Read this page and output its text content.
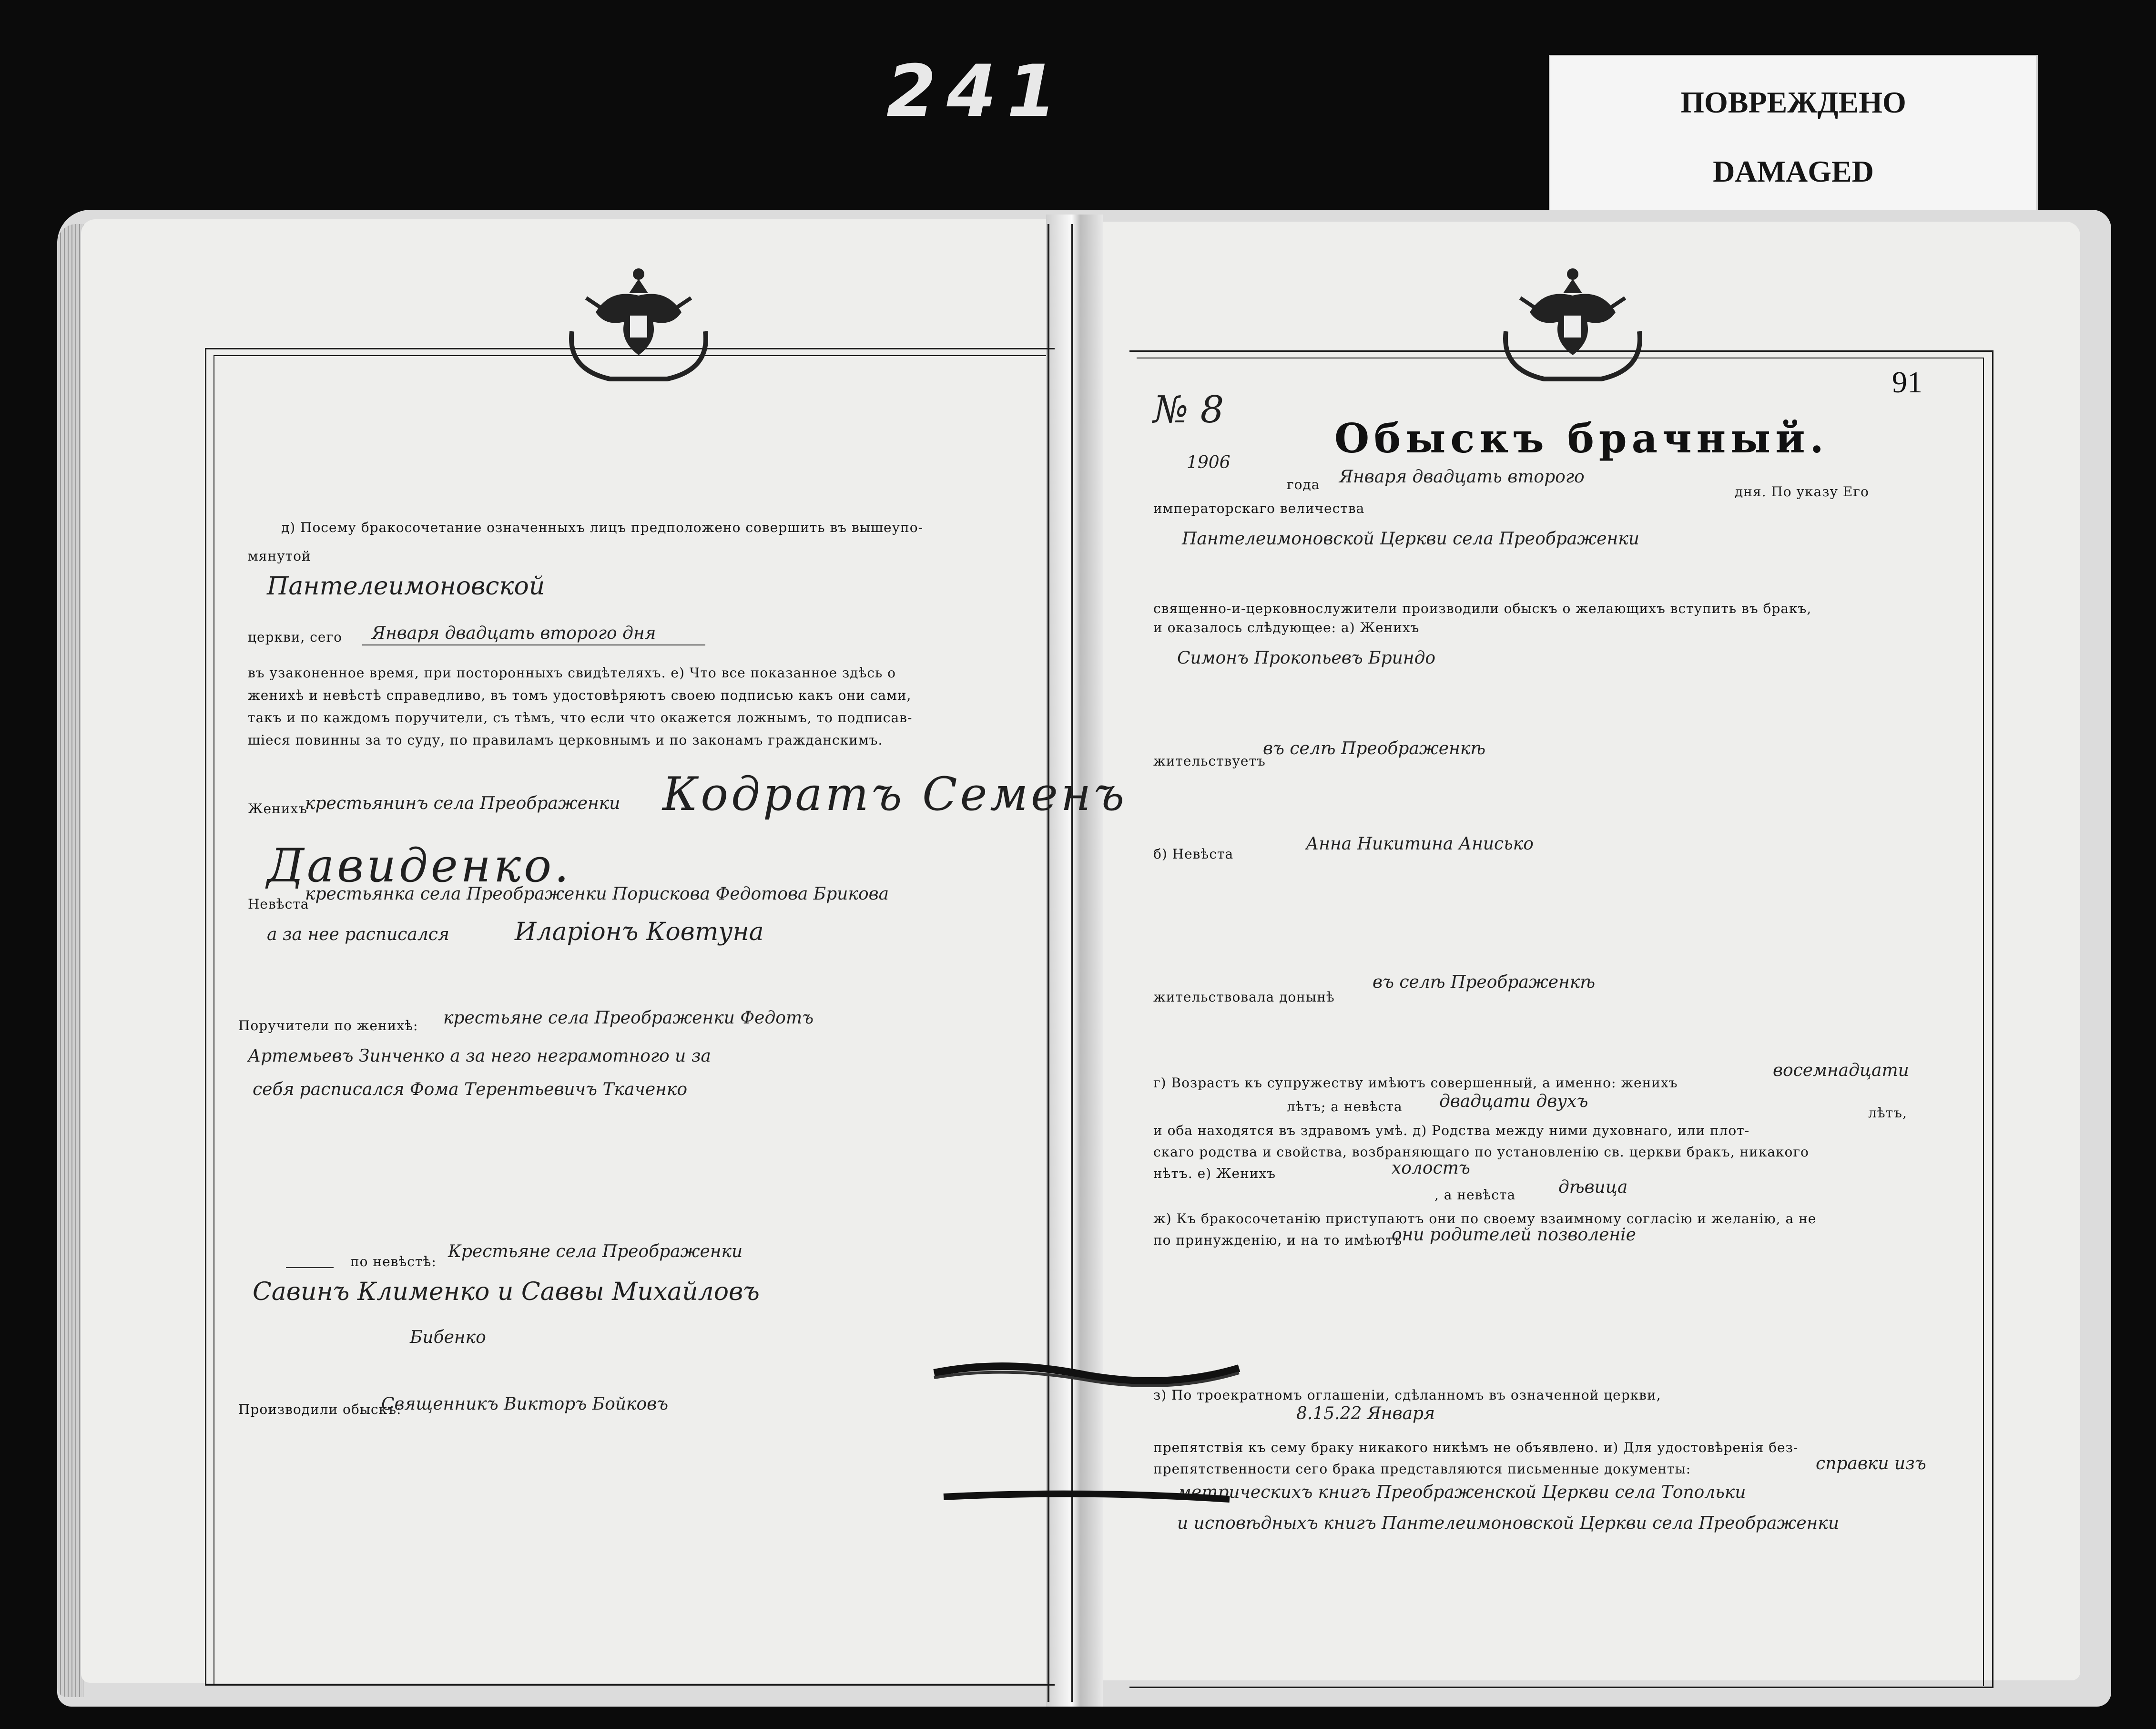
241	ПОВРЕЖДЕНО
DAMAGED
д) Посему бракосочетание означенныхъ лицъ предположено совершить въ вышеупо-
мянутой
Пантелеимоновской
церкви, сего Января двадцать второго дня
въ узаконенное время, при посторонныхъ свидѣтеляхъ. е) Что все показанное здѣсь о
женихѣ и невѣстѣ справедливо, въ томъ удостовѣряютъ своею подписью какъ они сами,
такъ и по каждомъ поручители, съ тѣмъ, что если что окажется ложнымъ, то подписав-
шiеся повинны за то суду, по правиламъ церковнымъ и по законамъ гражданскимъ.
Женихъ
крестьянинъ села Преображенки Кодратъ Семенъ
Давиденко.
Невѣста
крестьянка села Преображенки Порискова Федотова Брикова
а за нее расписался	Иларiонъ Ковтуна
Поручители по женихѣ: крестьяне села Преображенки Федотъ
Артемьевъ Зинченко а за него неграмотного и за
себя расписался Фома Терентьевичъ Ткаченко
по невѣстѣ:
Крестьяне села Преображенки
Савинъ Клименко и Саввы Михайловъ
Бибенко
Производили обыскъ:
Священникъ Викторъ Бойковъ
91
№ 8
Обыскъ брачный.
1906
года Января двадцать второго
дня. По указу Его
императорскаго величества
Пантелеимоновской Церкви села Преображенки
священно-и-церковнослужители производили обыскъ о желающихъ вступить въ бракъ,
и оказалось слѣдующее: а) Женихъ
Симонъ Прокопьевъ Бриндо
жительствуетъ
въ селѣ Преображенкѣ
б) Невѣста
Анна Никитина Анисько
жительствовала донынѣ
въ селѣ Преображенкѣ
г) Возрастъ къ супружеству имѣютъ совершенный, а именно: женихъ
восемнадцати
лѣтъ; а невѣста двадцати двухъ
лѣтъ,
и оба находятся въ здравомъ умѣ. д) Родства между ними духовнаго, или плот-
скаго родства и свойства, возбраняющаго по установленiю св. церкви бракъ, никакого
нѣтъ. е) Женихъ	холостъ
, а невѣста дѣвица
ж) Къ бракосочетанiю приступаютъ они по своему взаимному согласiю и желанiю, а не
по принужденiю, и на то имѣютъ
они родителей позволенiе
з) По троекратномъ оглашенiи, сдѣланномъ въ означенной церкви,
8.15.22 Января
препятствiя къ сему браку никакого никѣмъ не объявлено. и) Для удостовѣренiя без-
препятственности сего брака представляются письменные документы:	справки изъ
метрическихъ книгъ Преображенской Церкви села Топольки
и исповѣдныхъ книгъ Пантелеимоновской Церкви села Преображенки
